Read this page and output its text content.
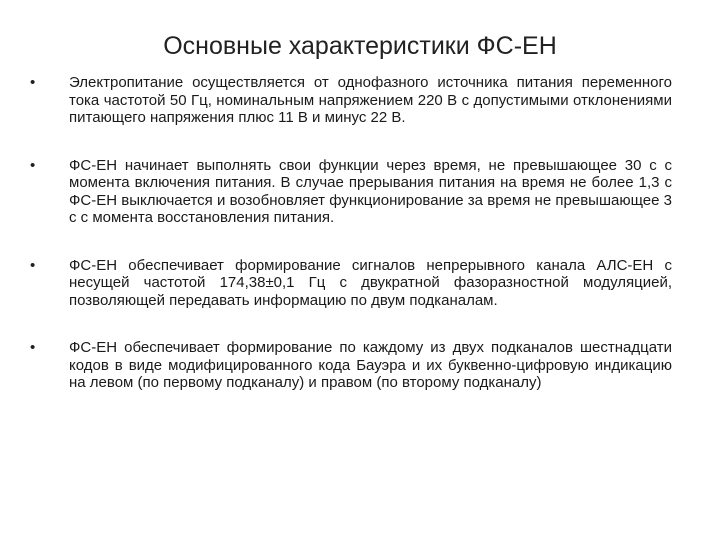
Основные характеристики ФС-ЕН
• Электропитание осуществляется от однофазного источника питания переменного тока частотой 50 Гц, номинальным напряжением 220 В с допустимыми отклонениями питающего напряжения плюс 11 В и минус 22 В.
• ФС-ЕН начинает выполнять свои функции через время, не превышающее 30 с с момента включения питания. В случае прерывания питания на время не более 1,3 с ФС-ЕН выключается и возобновляет функционирование за время не превышающее 3 с с момента восстановления питания.
• ФС-ЕН обеспечивает формирование сигналов непрерывного канала АЛС-ЕН с несущей частотой 174,38±0,1 Гц с двукратной фазоразностной модуляцией, позволяющей передавать информацию по двум подканалам.
• ФС-ЕН обеспечивает формирование по каждому из двух подканалов шестнадцати кодов в виде модифицированного кода Бауэра и их буквенно-цифровую индикацию на левом (по первому подканалу) и правом (по второму подканалу)
